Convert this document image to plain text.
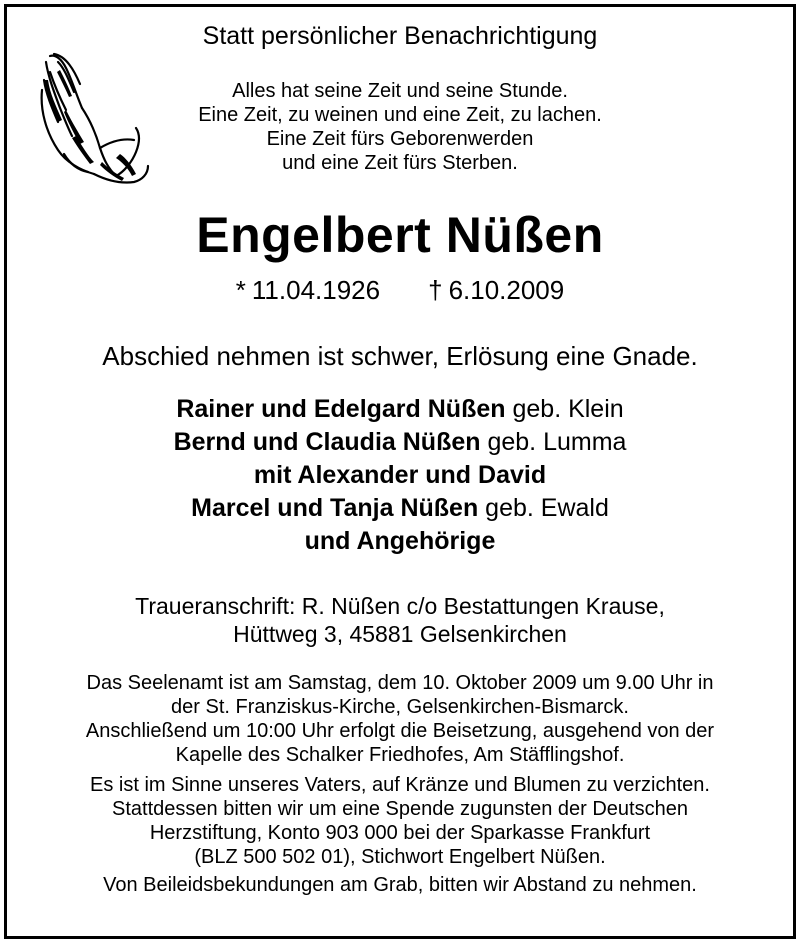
Statt persönlicher Benachrichtigung
Alles hat seine Zeit und seine Stunde.
Eine Zeit, zu weinen und eine Zeit, zu lachen.
Eine Zeit fürs Geborenwerden
und eine Zeit fürs Sterben.
Engelbert Nüßen
* 11.04.1926 † 6.10.2009
Abschied nehmen ist schwer, Erlösung eine Gnade.
Rainer und Edelgard Nüßen geb. Klein
Bernd und Claudia Nüßen geb. Lumma
mit Alexander und David
Marcel und Tanja Nüßen geb. Ewald
und Angehörige
Traueranschrift: R. Nüßen c/o Bestattungen Krause,
Hüttweg 3, 45881 Gelsenkirchen
Das Seelenamt ist am Samstag, dem 10. Oktober 2009 um 9.00 Uhr in
der St. Franziskus-Kirche, Gelsenkirchen-Bismarck.
Anschließend um 10:00 Uhr erfolgt die Beisetzung, ausgehend von der
Kapelle des Schalker Friedhofes, Am Stäfflingshof.
Es ist im Sinne unseres Vaters, auf Kränze und Blumen zu verzichten.
Stattdessen bitten wir um eine Spende zugunsten der Deutschen
Herzstiftung, Konto 903 000 bei der Sparkasse Frankfurt
(BLZ 500 502 01), Stichwort Engelbert Nüßen.
Von Beileidsbekundungen am Grab, bitten wir Abstand zu nehmen.
